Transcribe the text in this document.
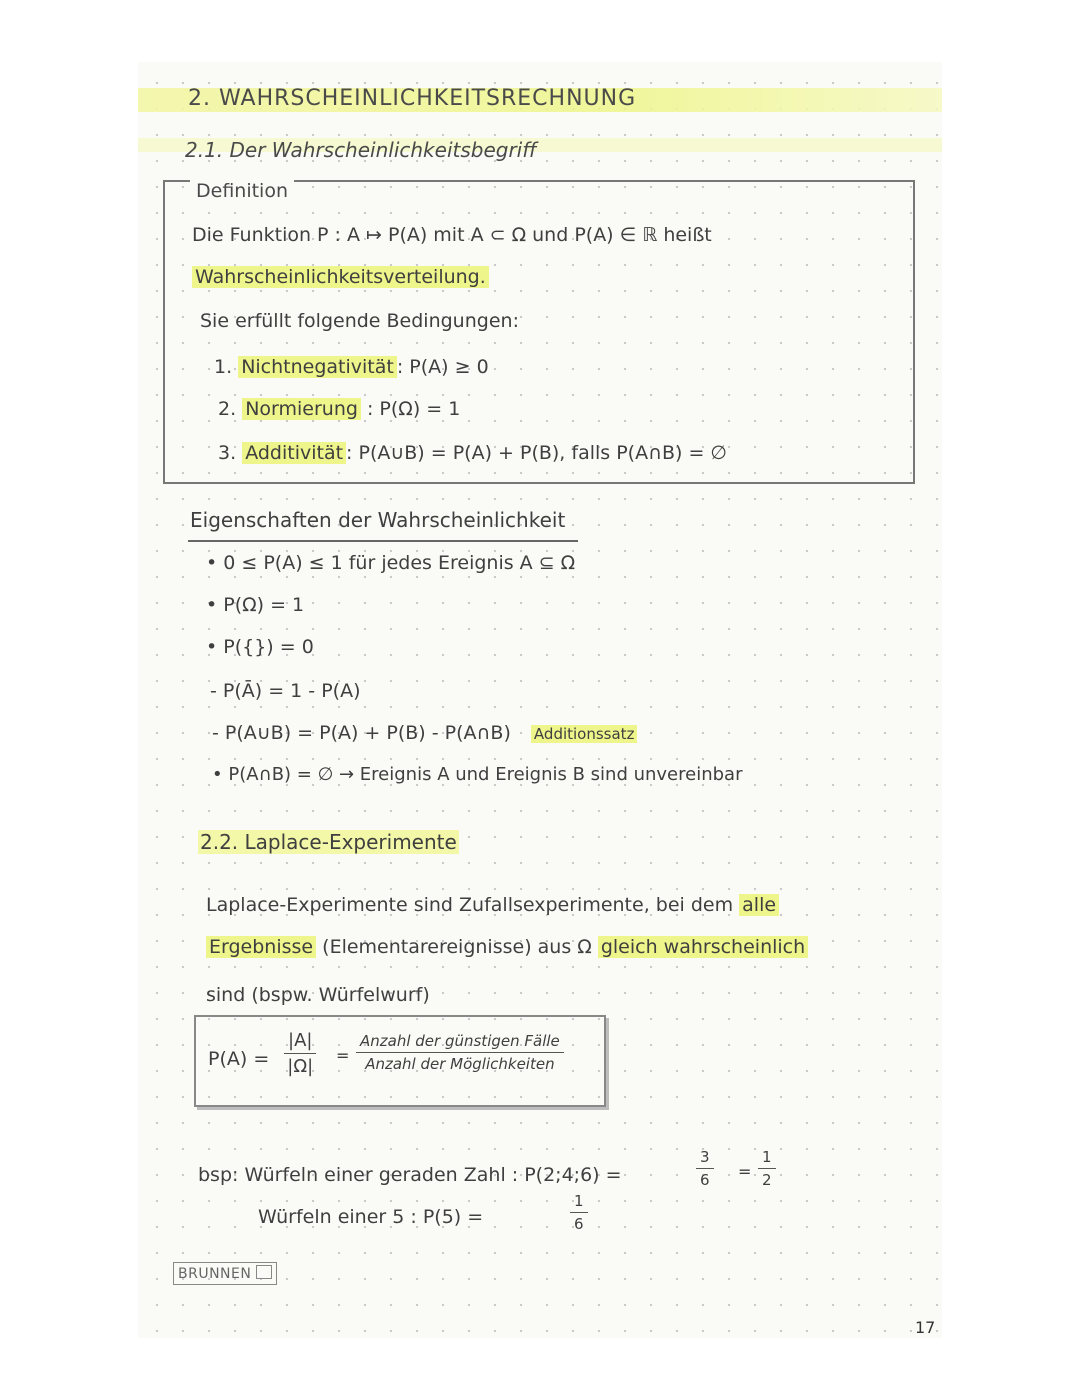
2. WAHRSCHEINLICHKEITSRECHNUNG
2.1. Der Wahrscheinlichkeitsbegriff
Definition
Die Funktion P : A ↦ P(A) mit A ⊂ Ω und P(A) ∈ ℝ heißt
Wahrscheinlichkeitsverteilung.
Sie erfüllt folgende Bedingungen:
1. Nichtnegativität : P(A) ≥ 0
2. Normierung : P(Ω) = 1
3. Additivität : P(A∪B) = P(A) + P(B), falls P(A∩B) = ∅
Eigenschaften der Wahrscheinlichkeit
• 0 ≤ P(A) ≤ 1 für jedes Ereignis A ⊆ Ω
• P(Ω) = 1
• P({}) = 0
- P(Ā) = 1 - P(A)
- P(A∪B) = P(A) + P(B) - P(A∩B) Additionssatz
• P(A∩B) = ∅ → Ereignis A und Ereignis B sind unvereinbar
2.2. Laplace-Experimente
Laplace-Experimente sind Zufallsexperimente, bei dem alle
Ergebnisse (Elementarereignisse) aus Ω gleich wahrscheinlich
sind (bspw. Würfelwurf)
$P(A) = \frac{|A|}{|\Omega|}$ =
Anzahl der günstigen Fälle
Anzahl der Möglichkeiten
bsp: Würfeln einer geraden Zahl : P(2;4;6) =	$\frac{3}{6} = \frac{1}{2}$
Würfeln einer 5 : P(5) =	$\frac{1}{6}$
BRUNNEN
17
